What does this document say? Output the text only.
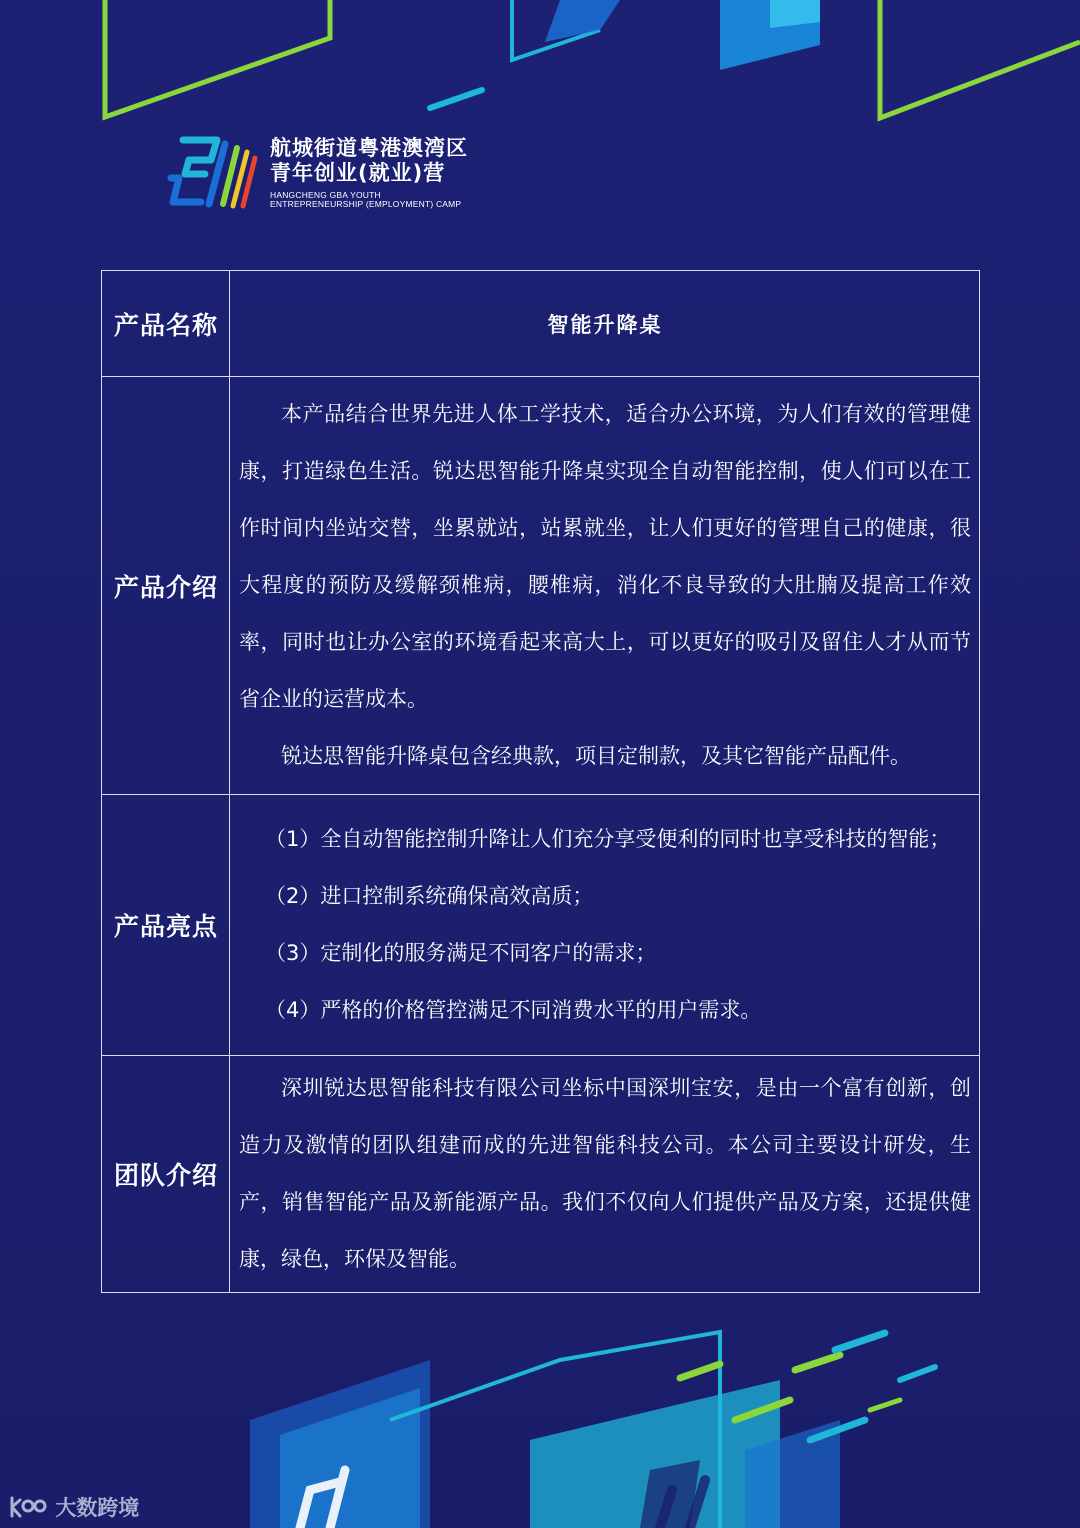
航城街道粤港澳湾区
青年创业(就业)营
HANGCHENG GBA YOUTH
ENTREPRENEURSHIP (EMPLOYMENT) CAMP
产品名称	智能升降桌
产品介绍	本产品结合世界先进人体工学技术，适合办公环境，为人们有效的管理健康，打造绿色生活。锐达思智能升降桌实现全自动智能控制，使人们可以在工作时间内坐站交替，坐累就站，站累就坐，让人们更好的管理自己的健康，很大程度的预防及缓解颈椎病，腰椎病，消化不良导致的大肚腩及提高工作效率，同时也让办公室的环境看起来高大上，可以更好的吸引及留住人才从而节省企业的运营成本。
锐达思智能升降桌包含经典款，项目定制款，及其它智能产品配件。

产品亮点	（1）全自动智能控制升降让人们充分享受便利的同时也享受科技的智能；
（2）进口控制系统确保高效高质；
（3）定制化的服务满足不同客户的需求；
（4）严格的价格管控满足不同消费水平的用户需求。

团队介绍	深圳锐达思智能科技有限公司坐标中国深圳宝安，是由一个富有创新，创造力及激情的团队组建而成的先进智能科技公司。本公司主要设计研发，生产，销售智能产品及新能源产品。我们不仅向人们提供产品及方案，还提供健康，绿色，环保及智能。
大数跨境
